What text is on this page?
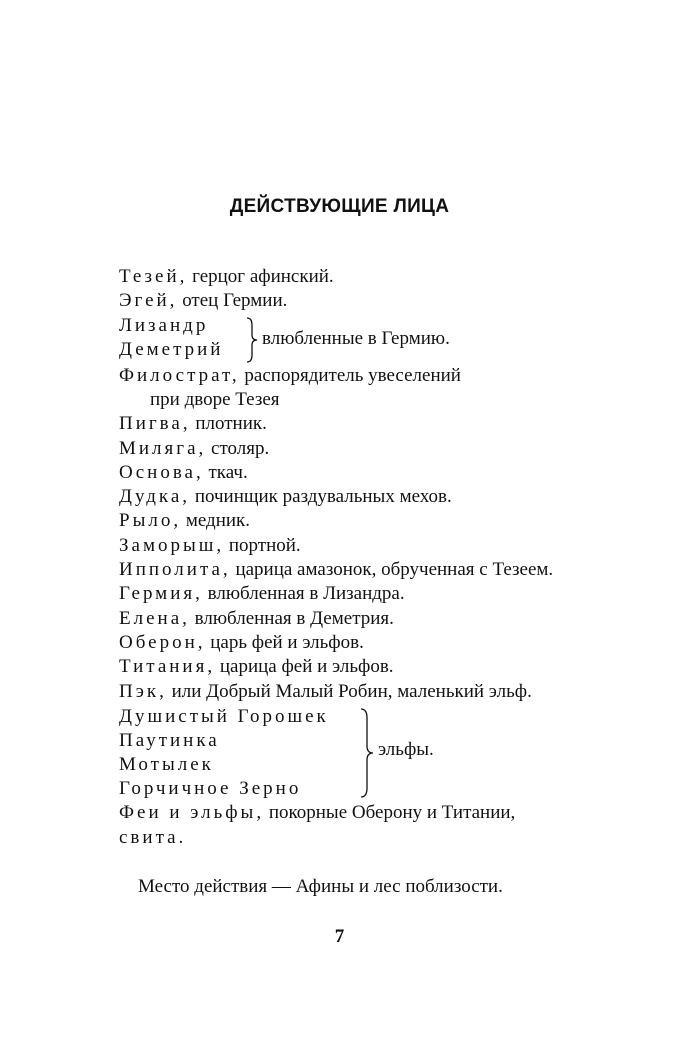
ДЕЙСТВУЮЩИЕ ЛИЦА
Тезей, герцог афинский.
Эгей, отец Гермии.
Лизандр
Деметрий
влюбленные в Гермию.
Филострат, распорядитель увеселений
при дворе Тезея
Пигва, плотник.
Миляга, столяр.
Основа, ткач.
Дудка, починщик раздувальных мехов.
Рыло, медник.
Заморыш, портной.
Ипполита, царица амазонок, обрученная с Тезеем.
Гермия, влюбленная в Лизандра.
Елена, влюбленная в Деметрия.
Оберон, царь фей и эльфов.
Титания, царица фей и эльфов.
Пэк, или Добрый Малый Робин, маленький эльф.
Душистый Горошек
Паутинка
Мотылек
Горчичное Зерно
эльфы.
Феи и эльфы, покорные Оберону и Титании,
свита.
Место действия — Афины и лес поблизости.
7
